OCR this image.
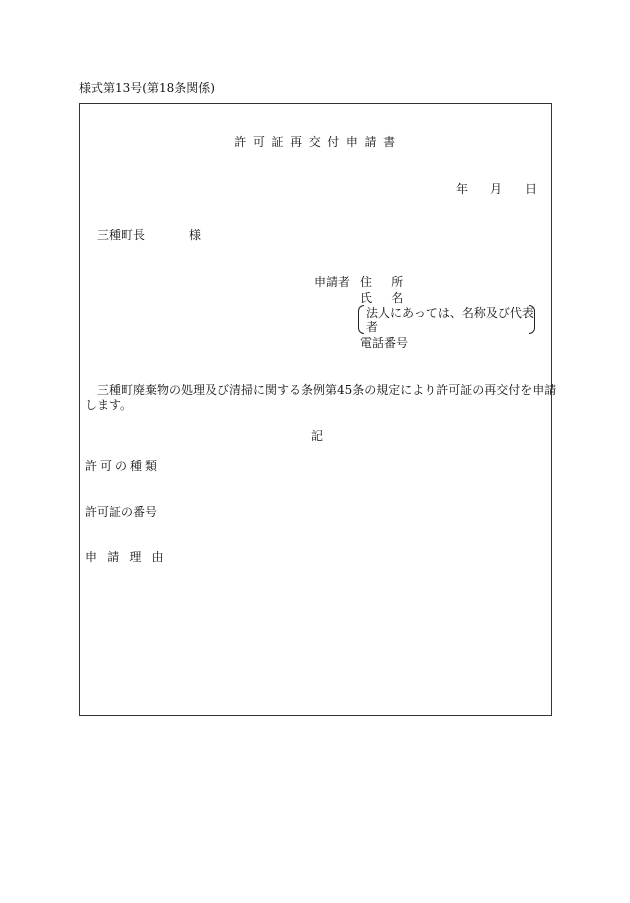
様式第13号(第18条関係)
許可証再交付申請書
年 月 日
三種町長	様
申請者 住所
氏名
法人にあっては、名称及び代表
者
電話番号
三種町廃棄物の処理及び清掃に関する条例第45条の規定により許可証の再交付を申請
します。
記
許可の種類
許可証の番号
申請理由
